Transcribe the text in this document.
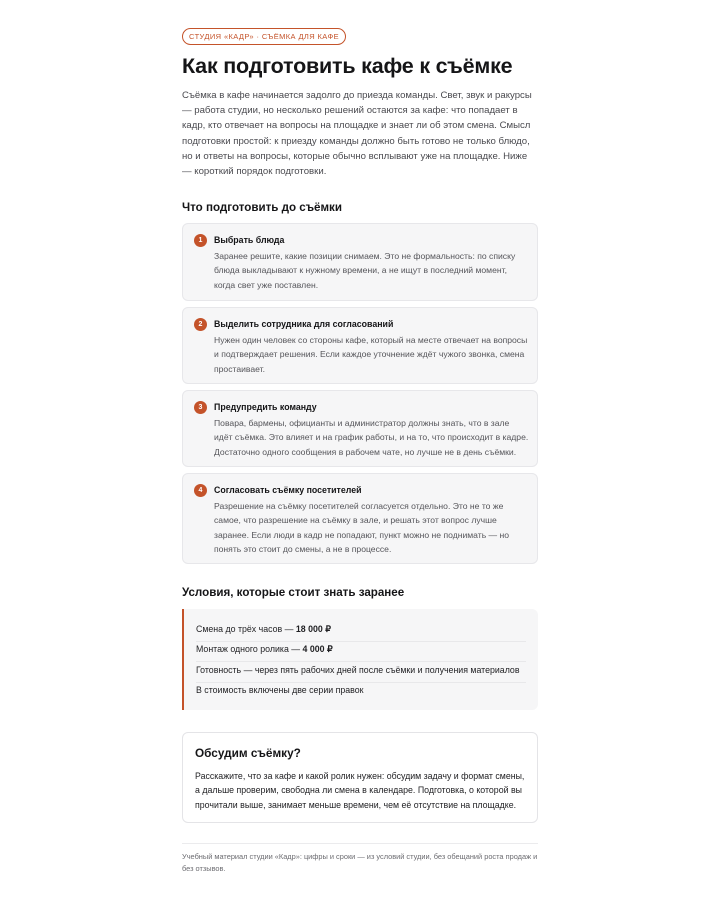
СТУДИЯ «КАДР» · СЪЁМКА ДЛЯ КАФЕ
Как подготовить кафе к съёмке

Съёмка в кафе начинается задолго до приезда команды. Свет, звук и ракурсы — работа студии, но несколько решений остаются за кафе: что попадает в кадр, кто отвечает на вопросы на площадке и знает ли об этом смена. Смысл подготовки простой: к приезду команды должно быть готово не только блюдо, но и ответы на вопросы, которые обычно всплывают уже на площадке. Ниже — короткий порядок подготовки.

Что подготовить до съёмки
1	Выбрать блюда

Заранее решите, какие позиции снимаем. Это не формальность: по списку блюда выкладывают к нужному времени, а не ищут в последний момент, когда свет уже поставлен.

2	Выделить сотрудника для согласований

Нужен один человек со стороны кафе, который на месте отвечает на вопросы и подтверждает решения. Если каждое уточнение ждёт чужого звонка, смена простаивает.

3	Предупредить команду

Повара, бармены, официанты и администратор должны знать, что в зале идёт съёмка. Это влияет и на график работы, и на то, что происходит в кадре. Достаточно одного сообщения в рабочем чате, но лучше не в день съёмки.

4	Согласовать съёмку посетителей

Разрешение на съёмку посетителей согласуется отдельно. Это не то же самое, что разрешение на съёмку в зале, и решать этот вопрос лучше заранее. Если люди в кадр не попадают, пункт можно не поднимать — но понять это стоит до смены, а не в процессе.

Условия, которые стоит знать заранее
Смена до трёх часов — 18 000 ₽
Монтаж одного ролика — 4 000 ₽
Готовность — через пять рабочих дней после съёмки и получения материалов
В стоимость включены две серии правок
Обсудим съёмку?

Расскажите, что за кафе и какой ролик нужен: обсудим задачу и формат смены, а дальше проверим, свободна ли смена в календаре. Подготовка, о которой вы прочитали выше, занимает меньше времени, чем её отсутствие на площадке.

Учебный материал студии «Кадр»: цифры и сроки — из условий студии, без обещаний роста продаж и без отзывов.
